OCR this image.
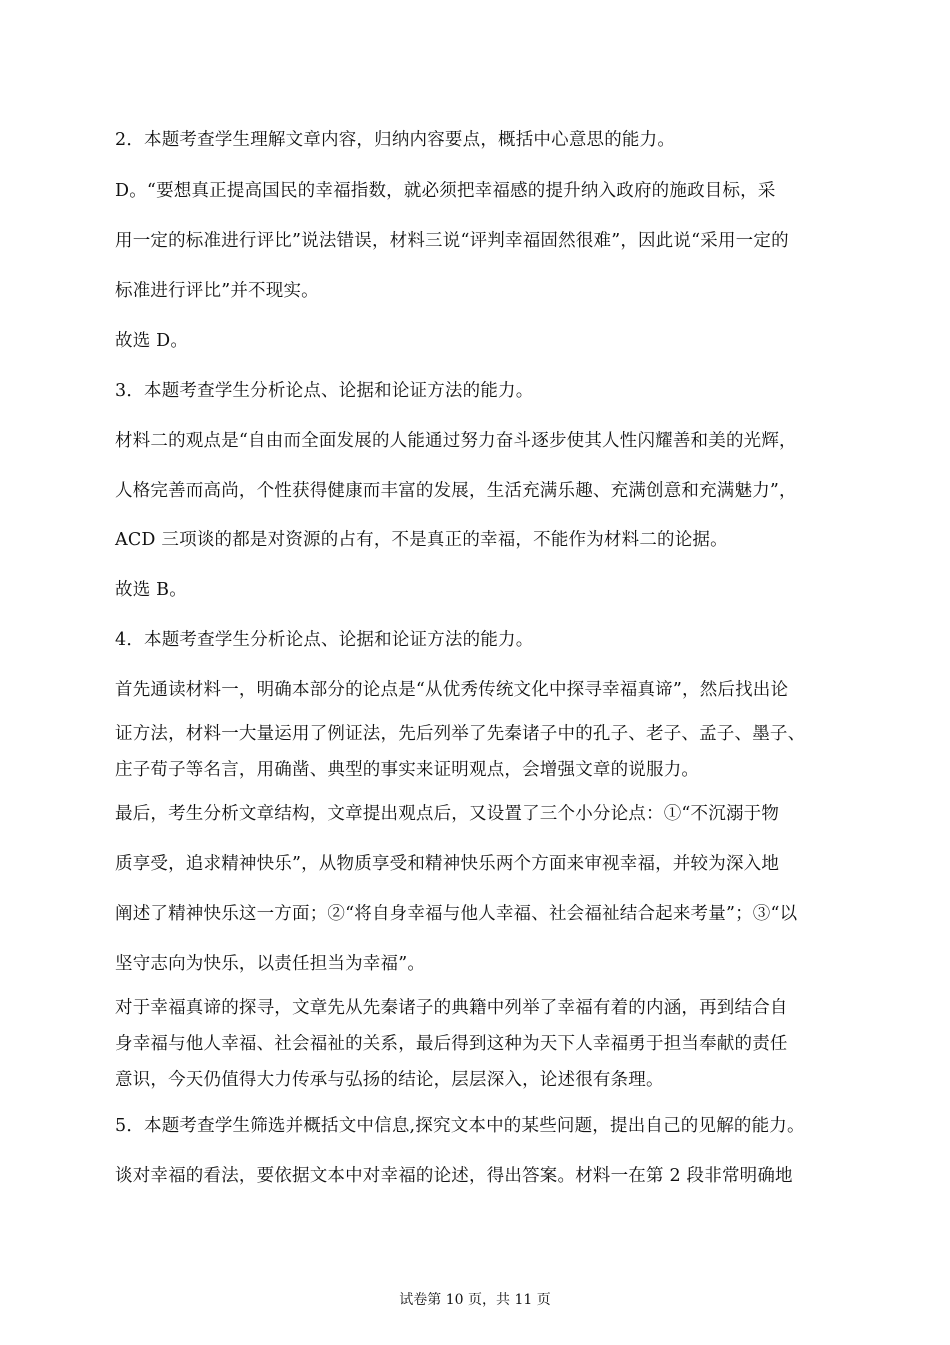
2．本题考查学生理解文章内容，归纳内容要点，概括中心意思的能力。
D。“要想真正提高国民的幸福指数，就必须把幸福感的提升纳入政府的施政目标，采
用一定的标准进行评比”说法错误，材料三说“评判幸福固然很难”，因此说“采用一定的
标准进行评比”并不现实。
故选 D。
3．本题考查学生分析论点、论据和论证方法的能力。
材料二的观点是“自由而全面发展的人能通过努力奋斗逐步使其人性闪耀善和美的光辉，
人格完善而高尚，个性获得健康而丰富的发展，生活充满乐趣、充满创意和充满魅力”，
ACD 三项谈的都是对资源的占有，不是真正的幸福，不能作为材料二的论据。
故选 B。
4．本题考查学生分析论点、论据和论证方法的能力。
首先通读材料一，明确本部分的论点是“从优秀传统文化中探寻幸福真谛”，然后找出论
证方法，材料一大量运用了例证法，先后列举了先秦诸子中的孔子、老子、孟子、墨子、
庄子荀子等名言，用确凿、典型的事实来证明观点，会增强文章的说服力。
最后，考生分析文章结构，文章提出观点后，又设置了三个小分论点：①“不沉溺于物
质享受，追求精神快乐”，从物质享受和精神快乐两个方面来审视幸福，并较为深入地
阐述了精神快乐这一方面；②“将自身幸福与他人幸福、社会福祉结合起来考量”；③“以
坚守志向为快乐，以责任担当为幸福”。
对于幸福真谛的探寻，文章先从先秦诸子的典籍中列举了幸福有着的内涵，再到结合自
身幸福与他人幸福、社会福祉的关系，最后得到这种为天下人幸福勇于担当奉献的责任
意识，今天仍值得大力传承与弘扬的结论，层层深入，论述很有条理。
5．本题考查学生筛选并概括文中信息,探究文本中的某些问题，提出自己的见解的能力。
谈对幸福的看法，要依据文本中对幸福的论述，得出答案。材料一在第 2 段非常明确地
试卷第 10 页，共 11 页
